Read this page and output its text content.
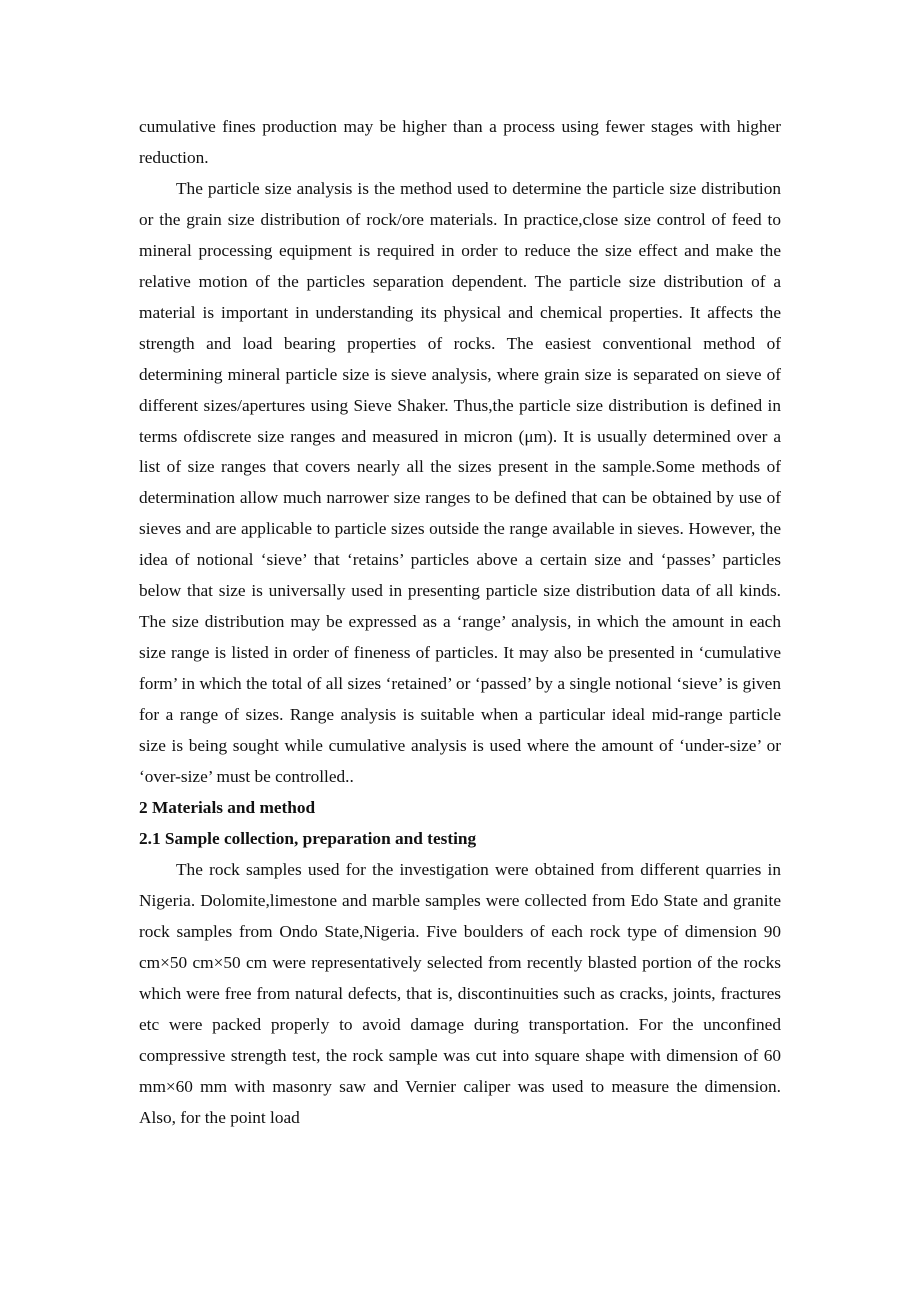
cumulative fines production may be higher than a process using fewer stages with higher reduction.

The particle size analysis is the method used to determine the particle size distribution or the grain size distribution of rock/ore materials. In practice,close size control of feed to mineral processing equipment is required in order to reduce the size effect and make the relative motion of the particles separation dependent. The particle size distribution of a material is important in understanding its physical and chemical properties. It affects the strength and load bearing properties of rocks. The easiest conventional method of determining mineral particle size is sieve analysis, where grain size is separated on sieve of different sizes/apertures using Sieve Shaker. Thus,the particle size distribution is defined in terms ofdiscrete size ranges and measured in micron (μm). It is usually determined over a list of size ranges that covers nearly all the sizes present in the sample.Some methods of determination allow much narrower size ranges to be defined that can be obtained by use of sieves and are applicable to particle sizes outside the range available in sieves. However, the idea of notional ‘sieve’ that ‘retains’ particles above a certain size and ‘passes’ particles below that size is universally used in presenting particle size distribution data of all kinds. The size distribution may be expressed as a ‘range’ analysis, in which the amount in each size range is listed in order of fineness of particles. It may also be presented in ‘cumulative form’ in which the total of all sizes ‘retained’ or ‘passed’ by a single notional ‘sieve’ is given for a range of sizes. Range analysis is suitable when a particular ideal mid-range particle size is being sought while cumulative analysis is used where the amount of ‘under-size’ or ‘over-size’ must be controlled..

2 Materials and method

2.1 Sample collection, preparation and testing

The rock samples used for the investigation were obtained from different quarries in Nigeria. Dolomite,limestone and marble samples were collected from Edo State and granite rock samples from Ondo State,Nigeria. Five boulders of each rock type of dimension 90 cm×50 cm×50 cm were representatively selected from recently blasted portion of the rocks which were free from natural defects, that is, discontinuities such as cracks, joints, fractures etc were packed properly to avoid damage during transportation. For the unconfined compressive strength test, the rock sample was cut into square shape with dimension of 60 mm×60 mm with masonry saw and Vernier caliper was used to measure the dimension. Also, for the point load
